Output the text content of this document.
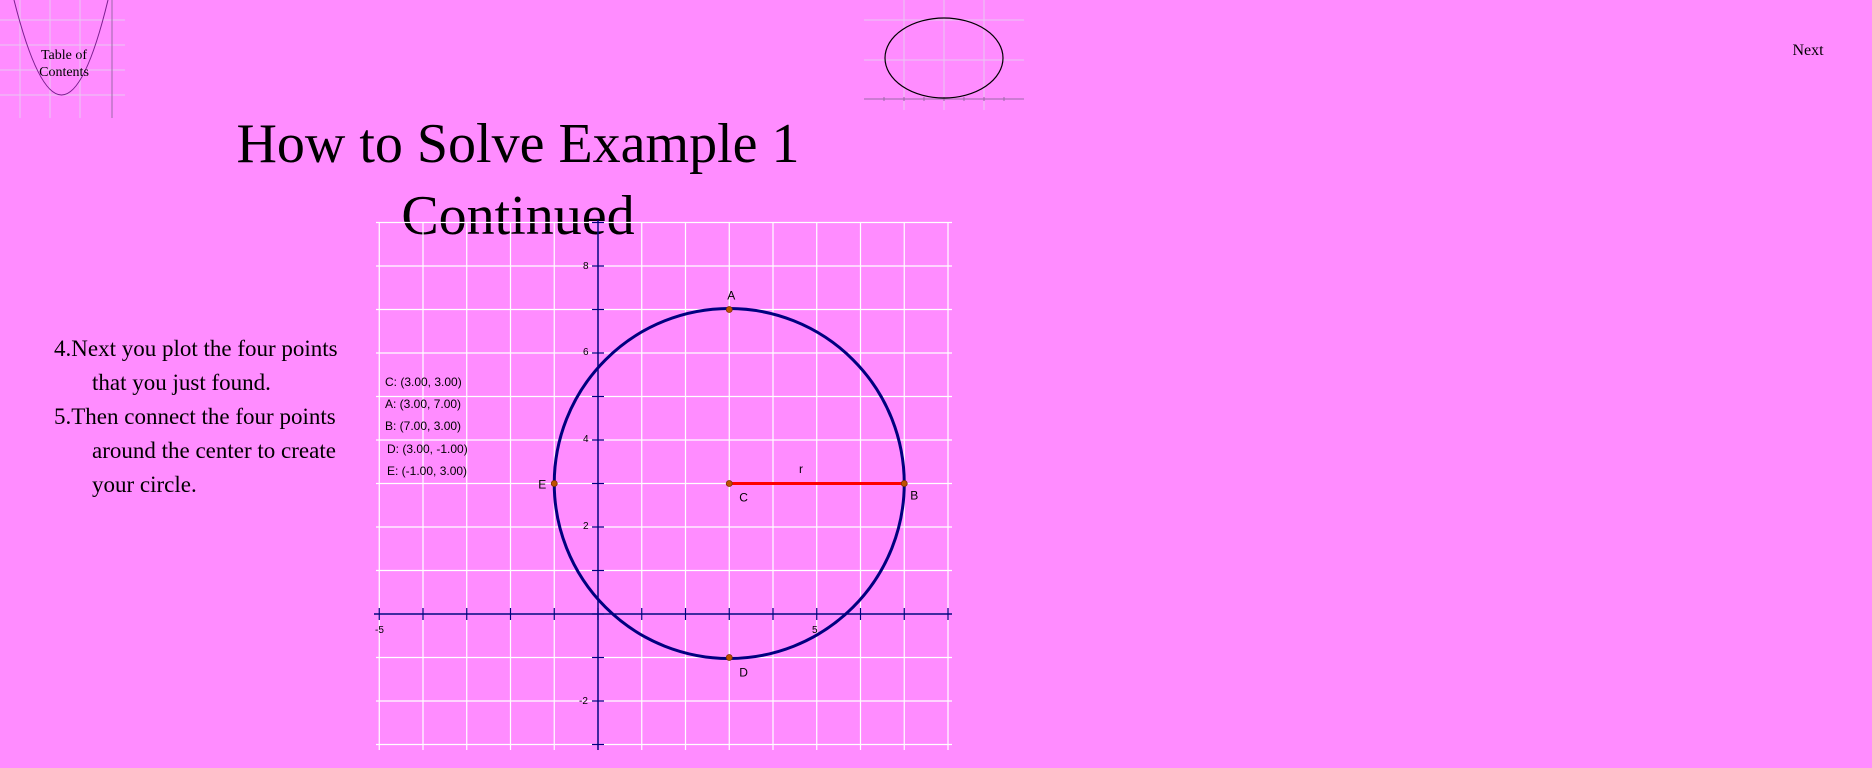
Table of
Contents
Next
How to Solve Example 1
Continued
4.Next you plot the four points that you just found.
5.Then connect the four points around the center to create your circle.
-5	5
8
6
4
2
-2
r
A
B
C
D
E
C: (3.00, 3.00)
A: (3.00, 7.00)
B: (7.00, 3.00)
D: (3.00, -1.00)
E: (-1.00, 3.00)
